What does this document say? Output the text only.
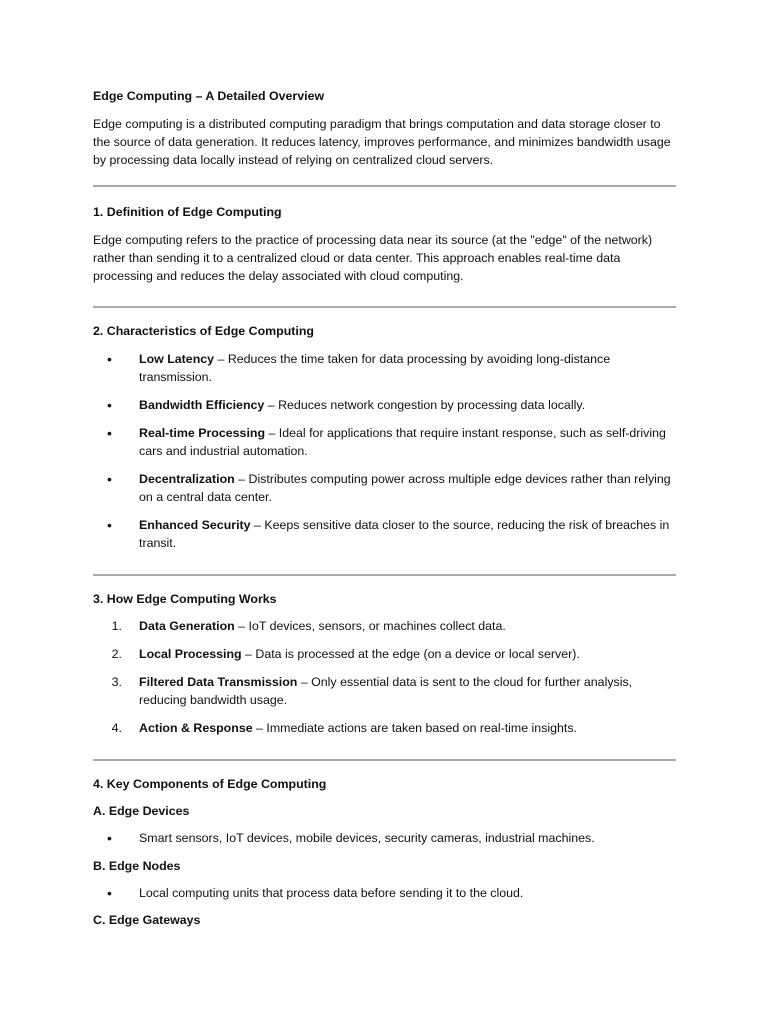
Edge Computing – A Detailed Overview

Edge computing is a distributed computing paradigm that brings computation and data storage closer to the source of data generation. It reduces latency, improves performance, and minimizes bandwidth usage by processing data locally instead of relying on centralized cloud servers.

1. Definition of Edge Computing

Edge computing refers to the practice of processing data near its source (at the "edge" of the network) rather than sending it to a centralized cloud or data center. This approach enables real-time data processing and reduces the delay associated with cloud computing.

2. Characteristics of Edge Computing

•	Low Latency – Reduces the time taken for data processing by avoiding long-distance transmission.
•	Bandwidth Efficiency – Reduces network congestion by processing data locally.
•	Real-time Processing – Ideal for applications that require instant response, such as self-driving cars and industrial automation.
•	Decentralization – Distributes computing power across multiple edge devices rather than relying on a central data center.
•	Enhanced Security – Keeps sensitive data closer to the source, reducing the risk of breaches in transit.

3. How Edge Computing Works

1.	Data Generation – IoT devices, sensors, or machines collect data.
2.	Local Processing – Data is processed at the edge (on a device or local server).
3.	Filtered Data Transmission – Only essential data is sent to the cloud for further analysis, reducing bandwidth usage.
4.	Action & Response – Immediate actions are taken based on real-time insights.

4. Key Components of Edge Computing

A. Edge Devices

•	Smart sensors, IoT devices, mobile devices, security cameras, industrial machines.

B. Edge Nodes

•	Local computing units that process data before sending it to the cloud.

C. Edge Gateways
